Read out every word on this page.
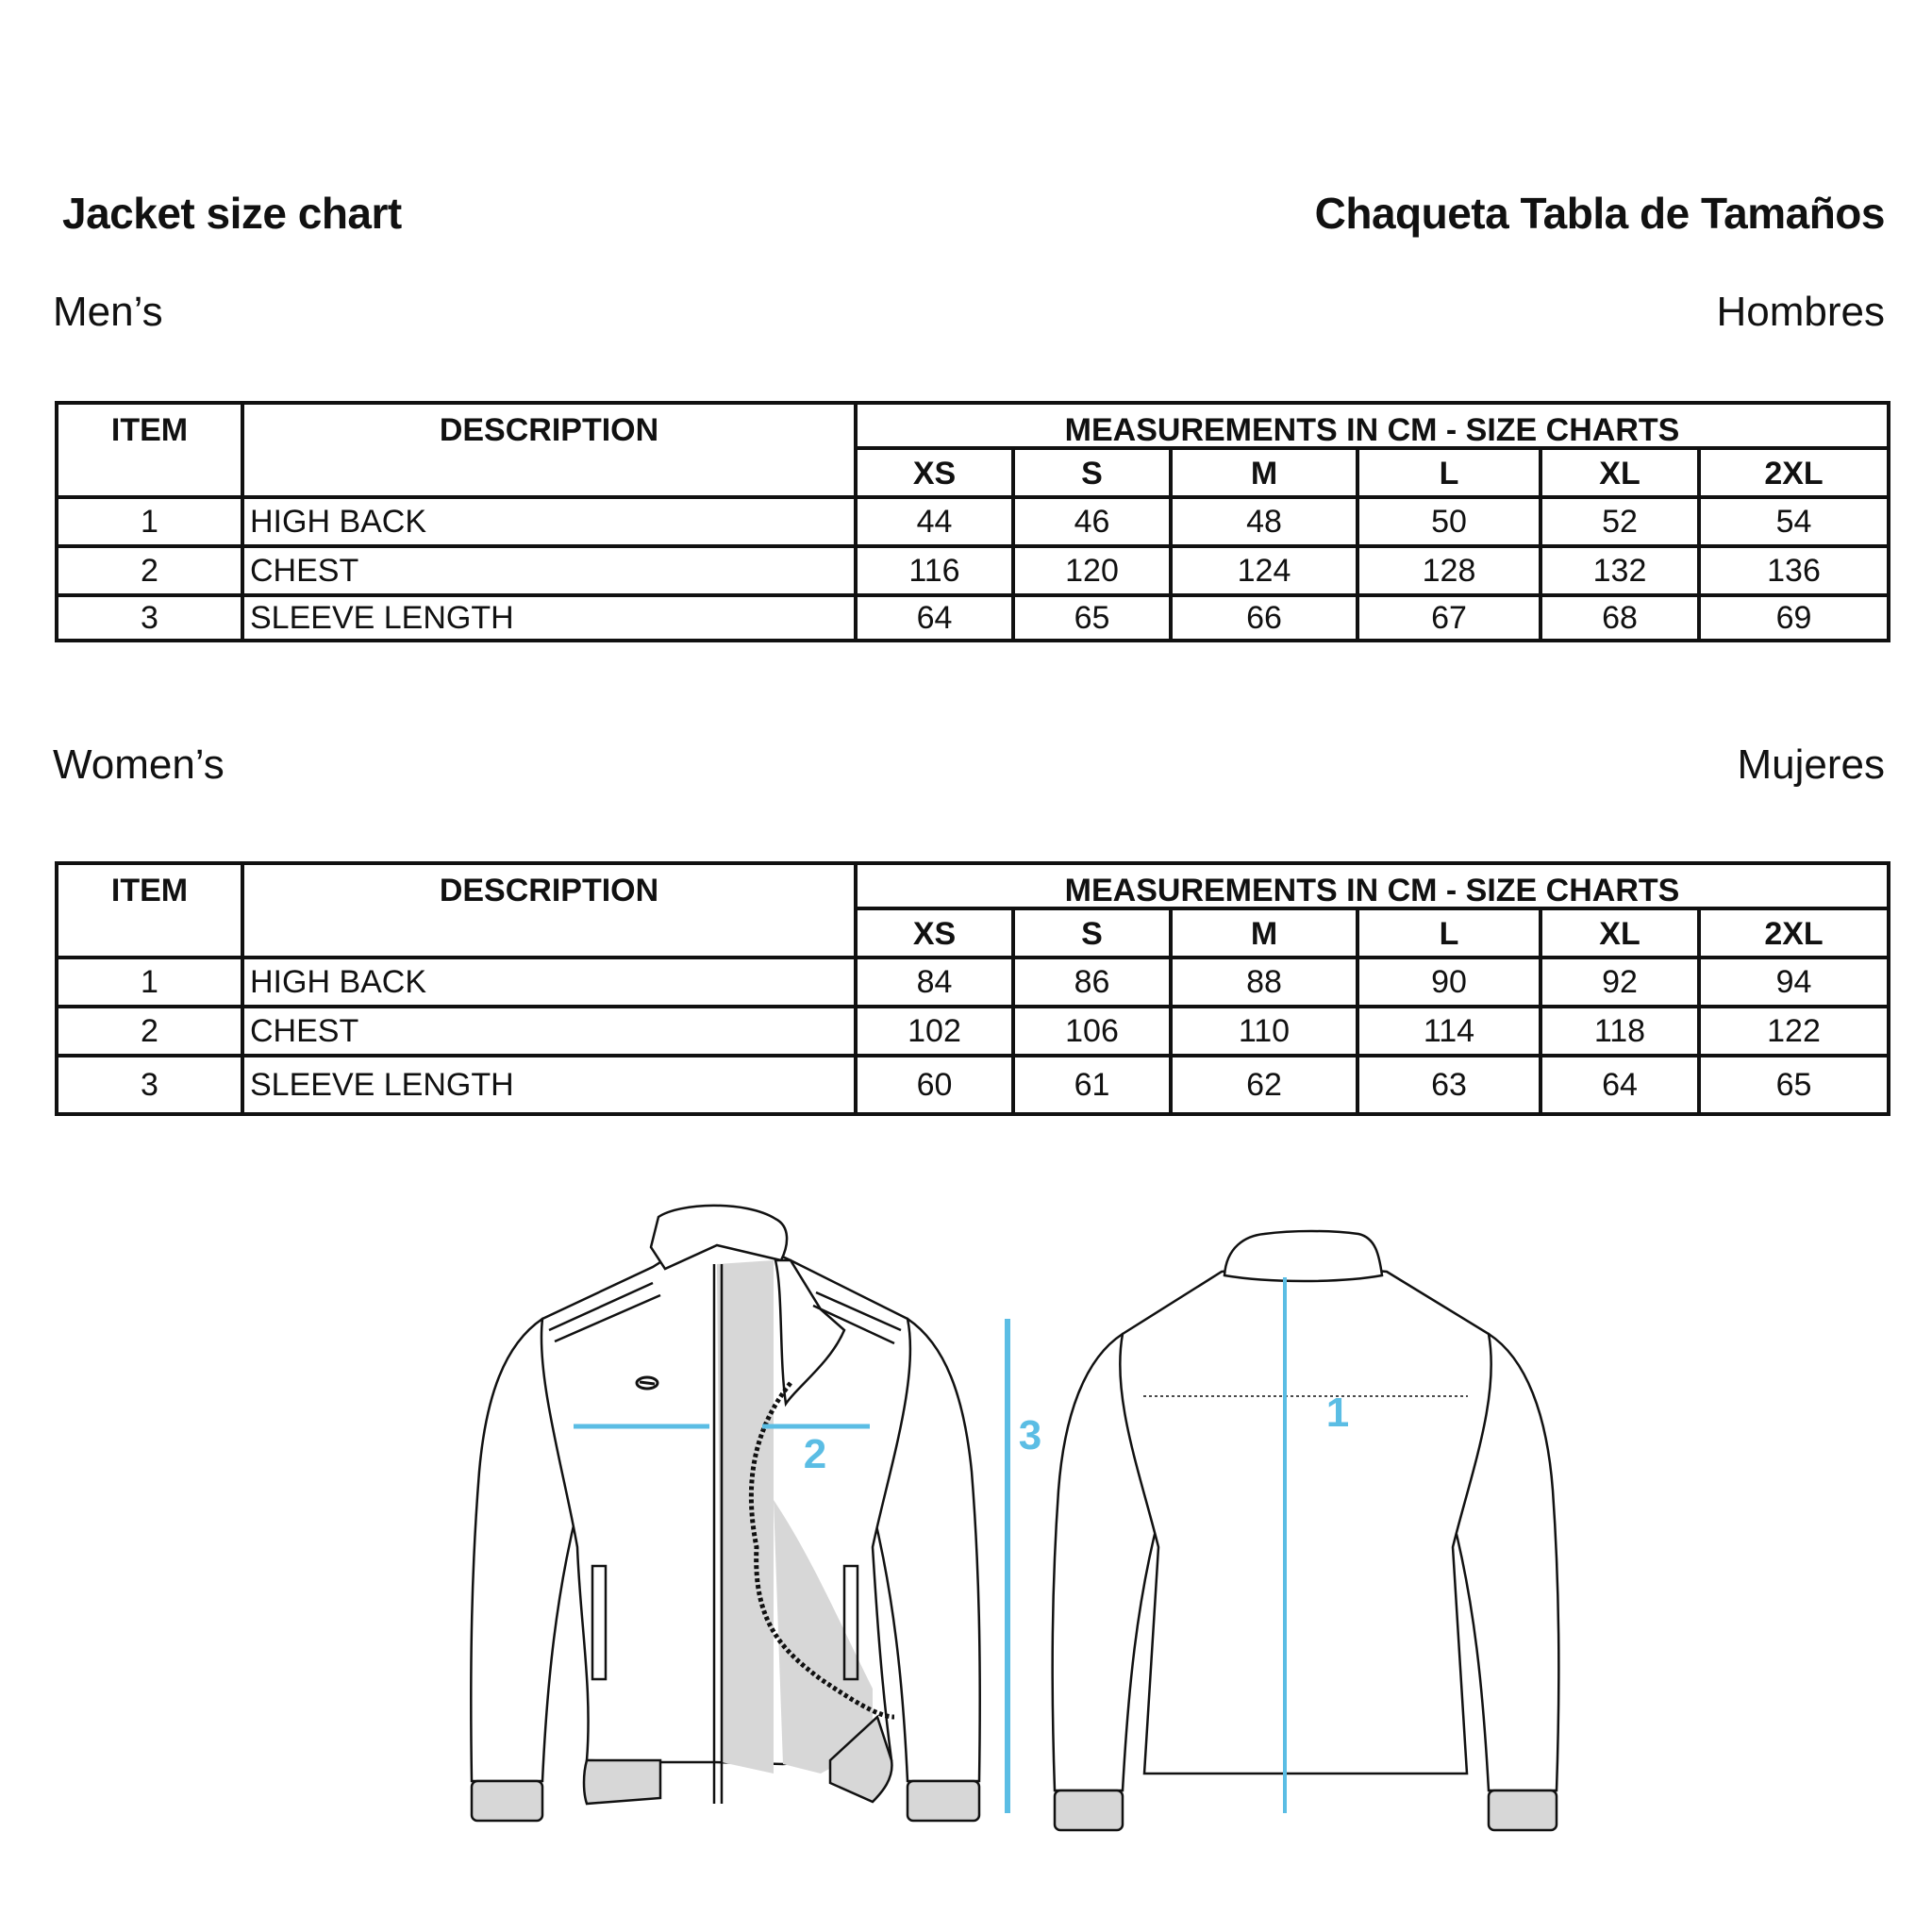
Jacket size chart	Chaqueta Tabla de Tamaños
Men’s	Hombres
ITEM	DESCRIPTION	MEASUREMENTS IN CM - SIZE CHARTS					
		XS	S	M	L	XL	2XL
1	HIGH BACK	44	46	48	50	52	54
2	CHEST	116	120	124	128	132	136
3	SLEEVE LENGTH	64	65	66	67	68	69
Women’s	Mujeres
ITEM	DESCRIPTION	MEASUREMENTS IN CM - SIZE CHARTS					
		XS	S	M	L	XL	2XL
1	HIGH BACK	84	86	88	90	92	94
2	CHEST	102	106	110	114	118	122
3	SLEEVE LENGTH	60	61	62	63	64	65
2	3	1
